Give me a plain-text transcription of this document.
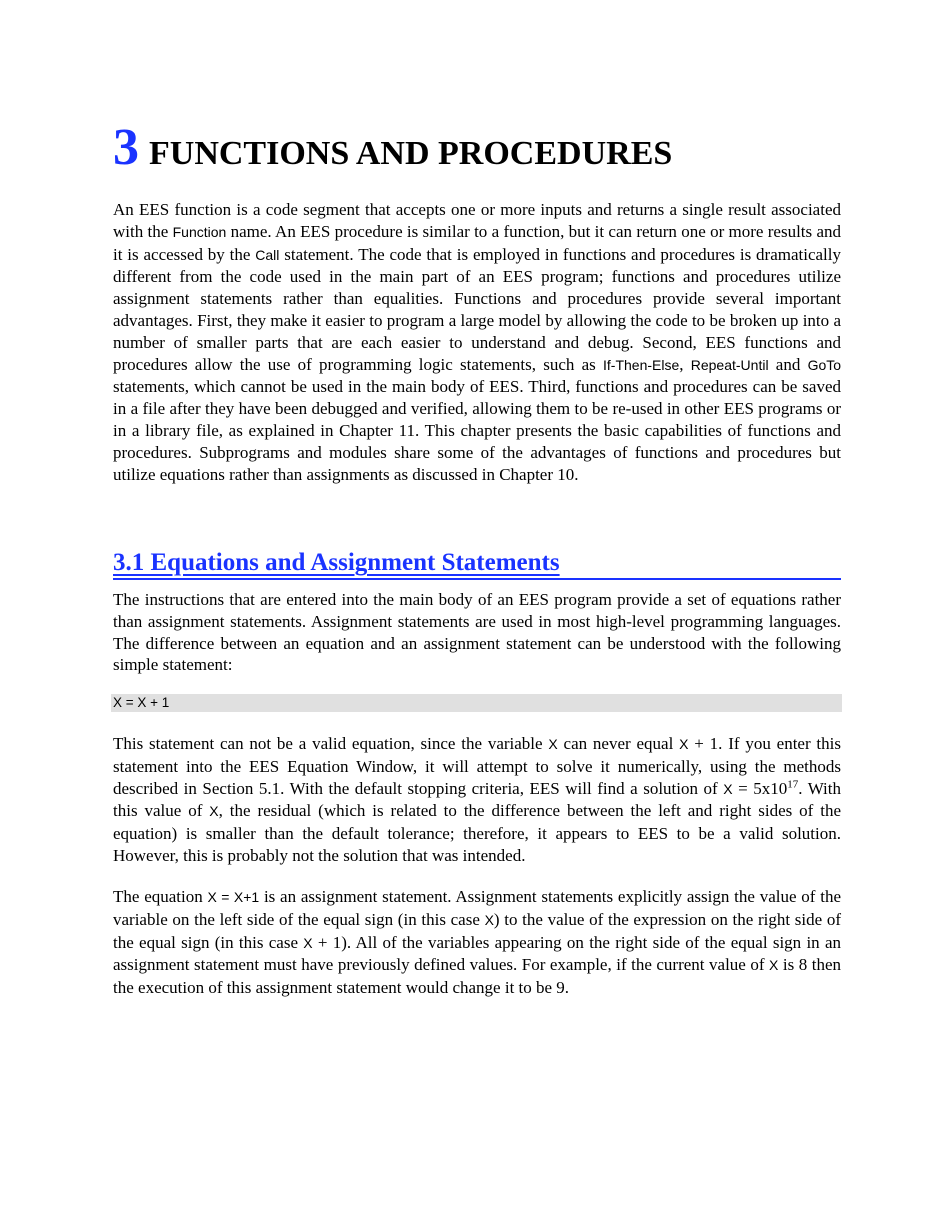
3 FUNCTIONS AND PROCEDURES

An EES function is a code segment that accepts one or more inputs and returns a single result associated with the Function name. An EES procedure is similar to a function, but it can return one or more results and it is accessed by the Call statement. The code that is employed in functions and procedures is dramatically different from the code used in the main part of an EES program; functions and procedures utilize assignment statements rather than equalities. Functions and procedures provide several important advantages. First, they make it easier to program a large model by allowing the code to be broken up into a number of smaller parts that are each easier to understand and debug. Second, EES functions and procedures allow the use of programming logic statements, such as If-Then-Else, Repeat-Until and GoTo statements, which cannot be used in the main body of EES. Third, functions and procedures can be saved in a file after they have been debugged and verified, allowing them to be re-used in other EES programs or in a library file, as explained in Chapter 11. This chapter presents the basic capabilities of functions and procedures. Subprograms and modules share some of the advantages of functions and procedures but utilize equations rather than assignments as discussed in Chapter 10.

3.1 Equations and Assignment Statements

The instructions that are entered into the main body of an EES program provide a set of equations rather than assignment statements. Assignment statements are used in most high-level programming languages. The difference between an equation and an assignment statement can be understood with the following simple statement:

X = X + 1

This statement can not be a valid equation, since the variable X can never equal X + 1. If you enter this statement into the EES Equation Window, it will attempt to solve it numerically, using the methods described in Section 5.1. With the default stopping criteria, EES will find a solution of $X = 5x10^{17}$. With this value of X, the residual (which is related to the difference between the left and right sides of the equation) is smaller than the default tolerance; therefore, it appears to EES to be a valid solution. However, this is probably not the solution that was intended.

The equation X = X+1 is an assignment statement. Assignment statements explicitly assign the value of the variable on the left side of the equal sign (in this case X) to the value of the expression on the right side of the equal sign (in this case X + 1). All of the variables appearing on the right side of the equal sign in an assignment statement must have previously defined values. For example, if the current value of X is 8 then the execution of this assignment statement would change it to be 9.
